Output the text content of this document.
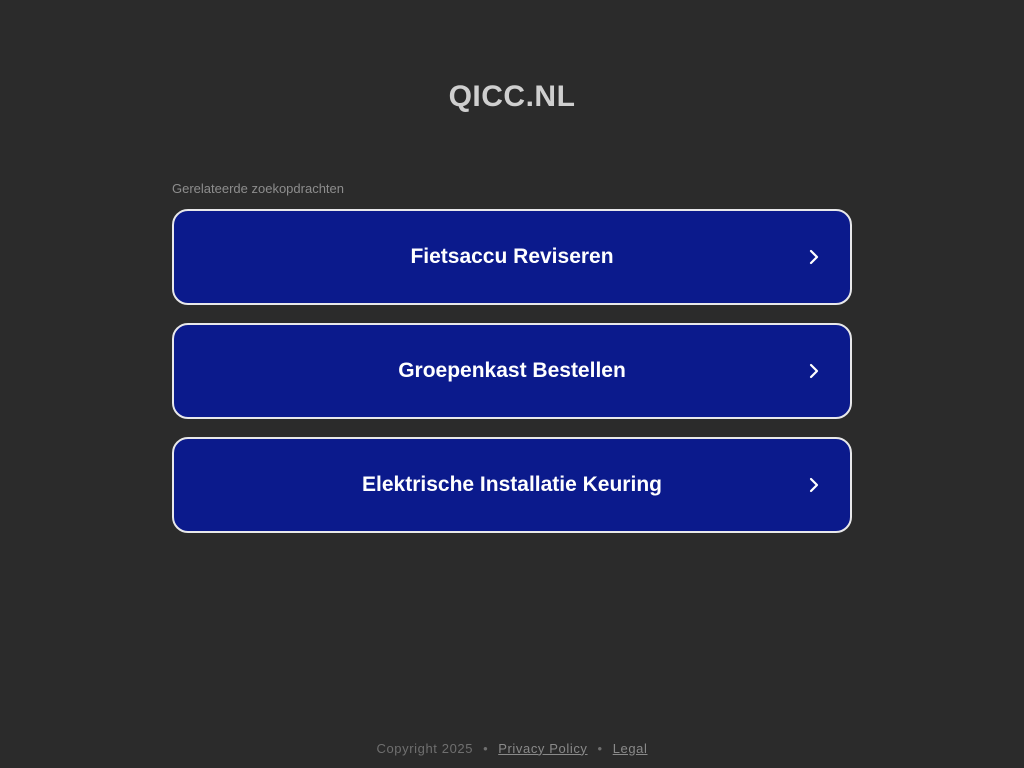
QICC.NL
Gerelateerde zoekopdrachten
Fietsaccu Reviseren
Groepenkast Bestellen
Elektrische Installatie Keuring
Copyright 2025 • Privacy Policy • Legal
